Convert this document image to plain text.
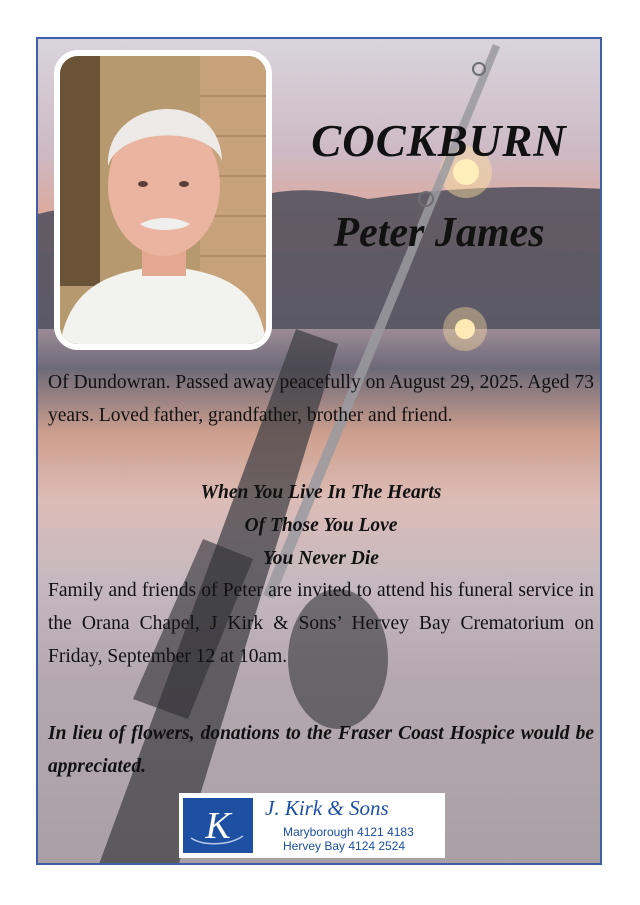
COCKBURN
Peter James

Of Dundowran. Passed away peacefully on August 29, 2025. Aged 73 years. Loved father, grandfather, brother and friend.

When You Live In The Hearts
Of Those You Love
You Never Die

Family and friends of Peter are invited to attend his funeral service in the Orana Chapel, J Kirk & Sons’ Hervey Bay Crematorium on Friday, September 12 at 10am.

In lieu of flowers, donations to the Fraser Coast Hospice would be appreciated.

K J. Kirk & Sons
Maryborough 4121 4183
Hervey Bay 4124 2524
